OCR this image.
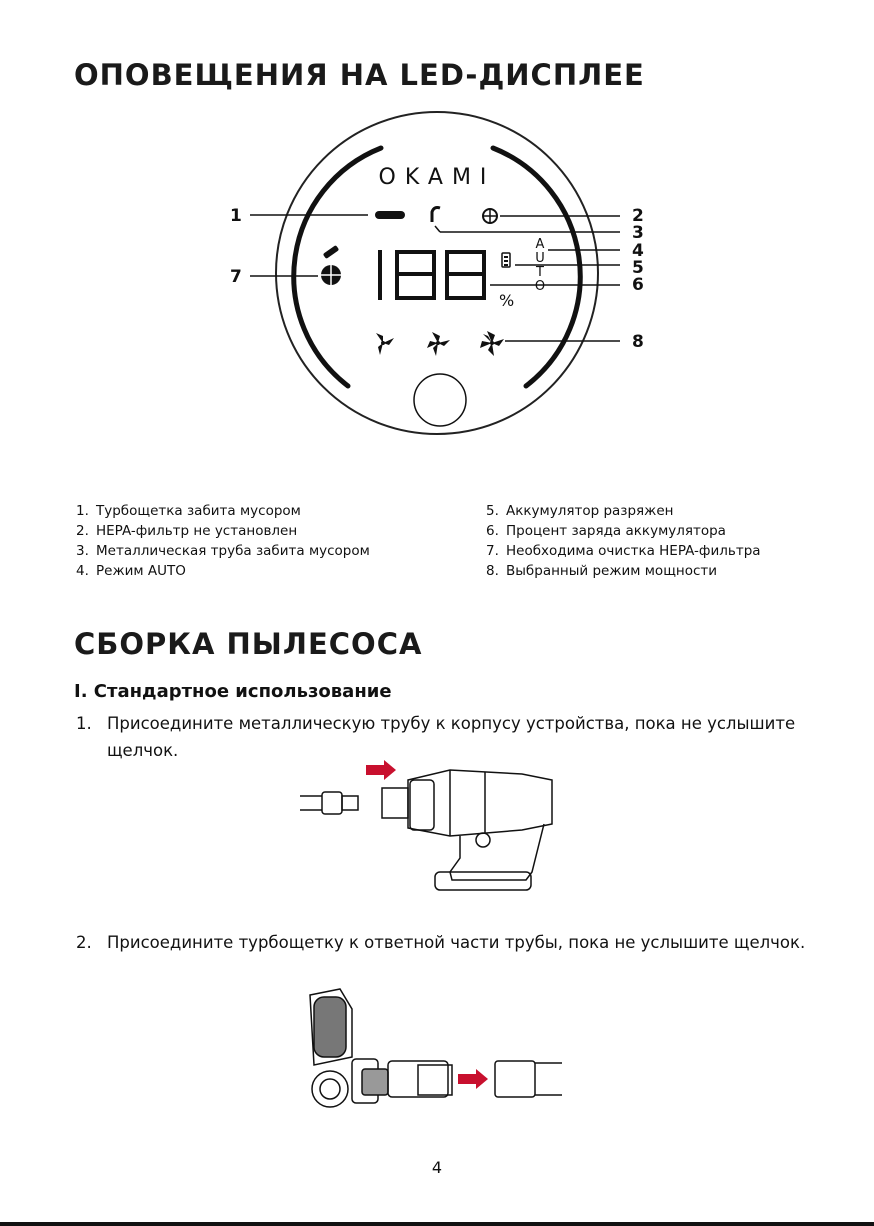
ОПОВЕЩЕНИЯ НА LED-ДИСПЛЕЕ
OKAMI
%
A
U
T
O
1	2
3
4
5
6
7
8
1. Турбощетка забита мусором
2. HEPA-фильтр не установлен
3. Металлическая труба забита мусором
4. Режим AUTO
5. Аккумулятор разряжен
6. Процент заряда аккумулятора
7. Необходима очистка HEPA-фильтра
8. Выбранный режим мощности
СБОРКА ПЫЛЕСОСА
I. Стандартное использование
1. Присоедините металлическую трубу к корпусу устройства, пока не услышите щелчок.
2. Присоедините турбощетку к ответной части трубы, пока не услышите щелчок.
4
